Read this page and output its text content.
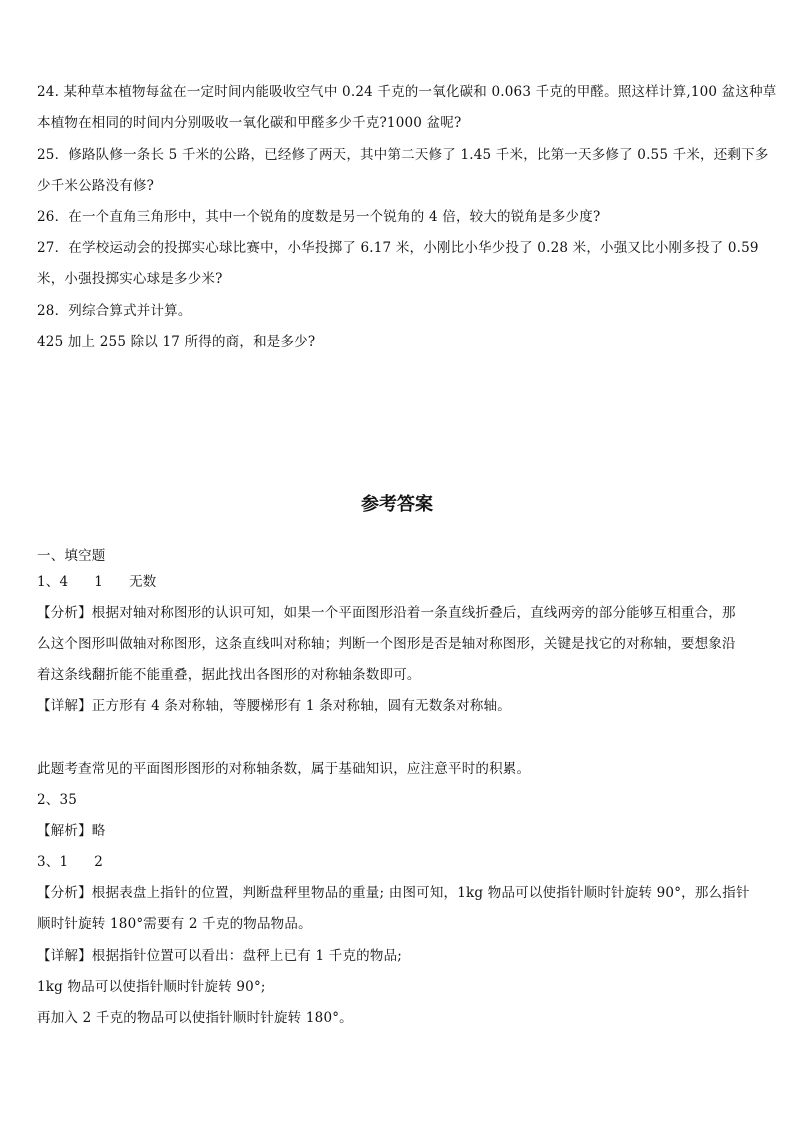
24. 某种草本植物每盆在一定时间内能吸收空气中 0.24 千克的一氧化碳和 0.063 千克的甲醛。照这样计算,100 盆这种草
本植物在相同的时间内分别吸收一氧化碳和甲醛多少千克?1000 盆呢?
25．修路队修一条长 5 千米的公路，已经修了两天，其中第二天修了 1.45 千米，比第一天多修了 0.55 千米，还剩下多
少千米公路没有修?
26．在一个直角三角形中，其中一个锐角的度数是另一个锐角的 4 倍，较大的锐角是多少度?
27．在学校运动会的投掷实心球比赛中，小华投掷了 6.17 米，小刚比小华少投了 0.28 米，小强又比小刚多投了 0.59
米，小强投掷实心球是多少米?
28．列综合算式并计算。
425 加上 255 除以 17 所得的商，和是多少?
参考答案
一、填空题
1、4 1 无数
【分析】根据对轴对称图形的认识可知，如果一个平面图形沿着一条直线折叠后，直线两旁的部分能够互相重合，那
么这个图形叫做轴对称图形，这条直线叫对称轴；判断一个图形是否是轴对称图形，关键是找它的对称轴，要想象沿
着这条线翻折能不能重叠，据此找出各图形的对称轴条数即可。
【详解】正方形有 4 条对称轴，等腰梯形有 1 条对称轴，圆有无数条对称轴。
此题考查常见的平面图形图形的对称轴条数，属于基础知识，应注意平时的积累。
2、35
【解析】略
3、1 2
【分析】根据表盘上指针的位置，判断盘秤里物品的重量; 由图可知，1kg 物品可以使指针顺时针旋转 90°，那么指针
顺时针旋转 180°需要有 2 千克的物品物品。
【详解】根据指针位置可以看出：盘秤上已有 1 千克的物品;
1kg 物品可以使指针顺时针旋转 90°;
再加入 2 千克的物品可以使指针顺时针旋转 180°。
